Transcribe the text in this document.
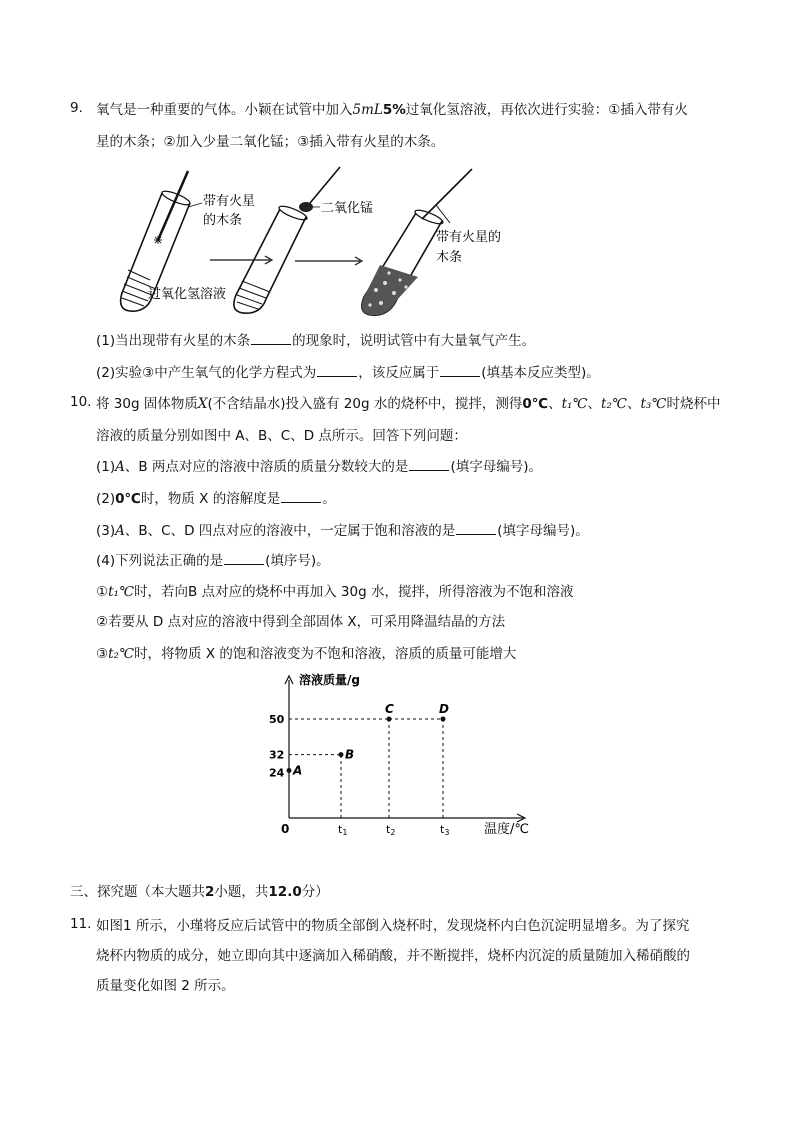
9. 氧气是一种重要的气体。小颖在试管中加入5mL5%过氧化氢溶液，再依次进行实验：①插入带有火
星的木条；②加入少量二氧化锰；③插入带有火星的木条。
带有火星
的木条
二氧化锰
带有火星的
木条
过氧化氢溶液
(1)当出现带有火星的木条	的现象时，说明试管中有大量氧气产生。
(2)实验③中产生氧气的化学方程式为	，该反应属于	(填基本反应类型)。
10. 将 30g 固体物质X(不含结晶水)投入盛有 20g 水的烧杯中，搅拌，测得0℃、t₁℃、t₂℃、t₃℃时烧杯中
溶液的质量分别如图中 A、B、C、D 点所示。回答下列问题：
(1)A、B 两点对应的溶液中溶质的质量分数较大的是	(填字母编号)。
(2)0℃时，物质 X 的溶解度是	。
(3)A、B、C、D 四点对应的溶液中，一定属于饱和溶液的是	(填字母编号)。
(4)下列说法正确的是	(填序号)。
①t₁℃时，若向B 点对应的烧杯中再加入 30g 水，搅拌，所得溶液为不饱和溶液
②若要从 D 点对应的溶液中得到全部固体 X，可采用降温结晶的方法
③t₂℃时，将物质 X 的饱和溶液变为不饱和溶液，溶质的质量可能增大
溶液质量/g
温度/℃
0	t1	t2	t3
24
32
50
A
B
C	D
三、探究题（本大题共2小题，共12.0分）
11. 如图1 所示，小瑾将反应后试管中的物质全部倒入烧杯时，发现烧杯内白色沉淀明显增多。为了探究
烧杯内物质的成分，她立即向其中逐滴加入稀硝酸，并不断搅拌，烧杯内沉淀的质量随加入稀硝酸的
质量变化如图 2 所示。
